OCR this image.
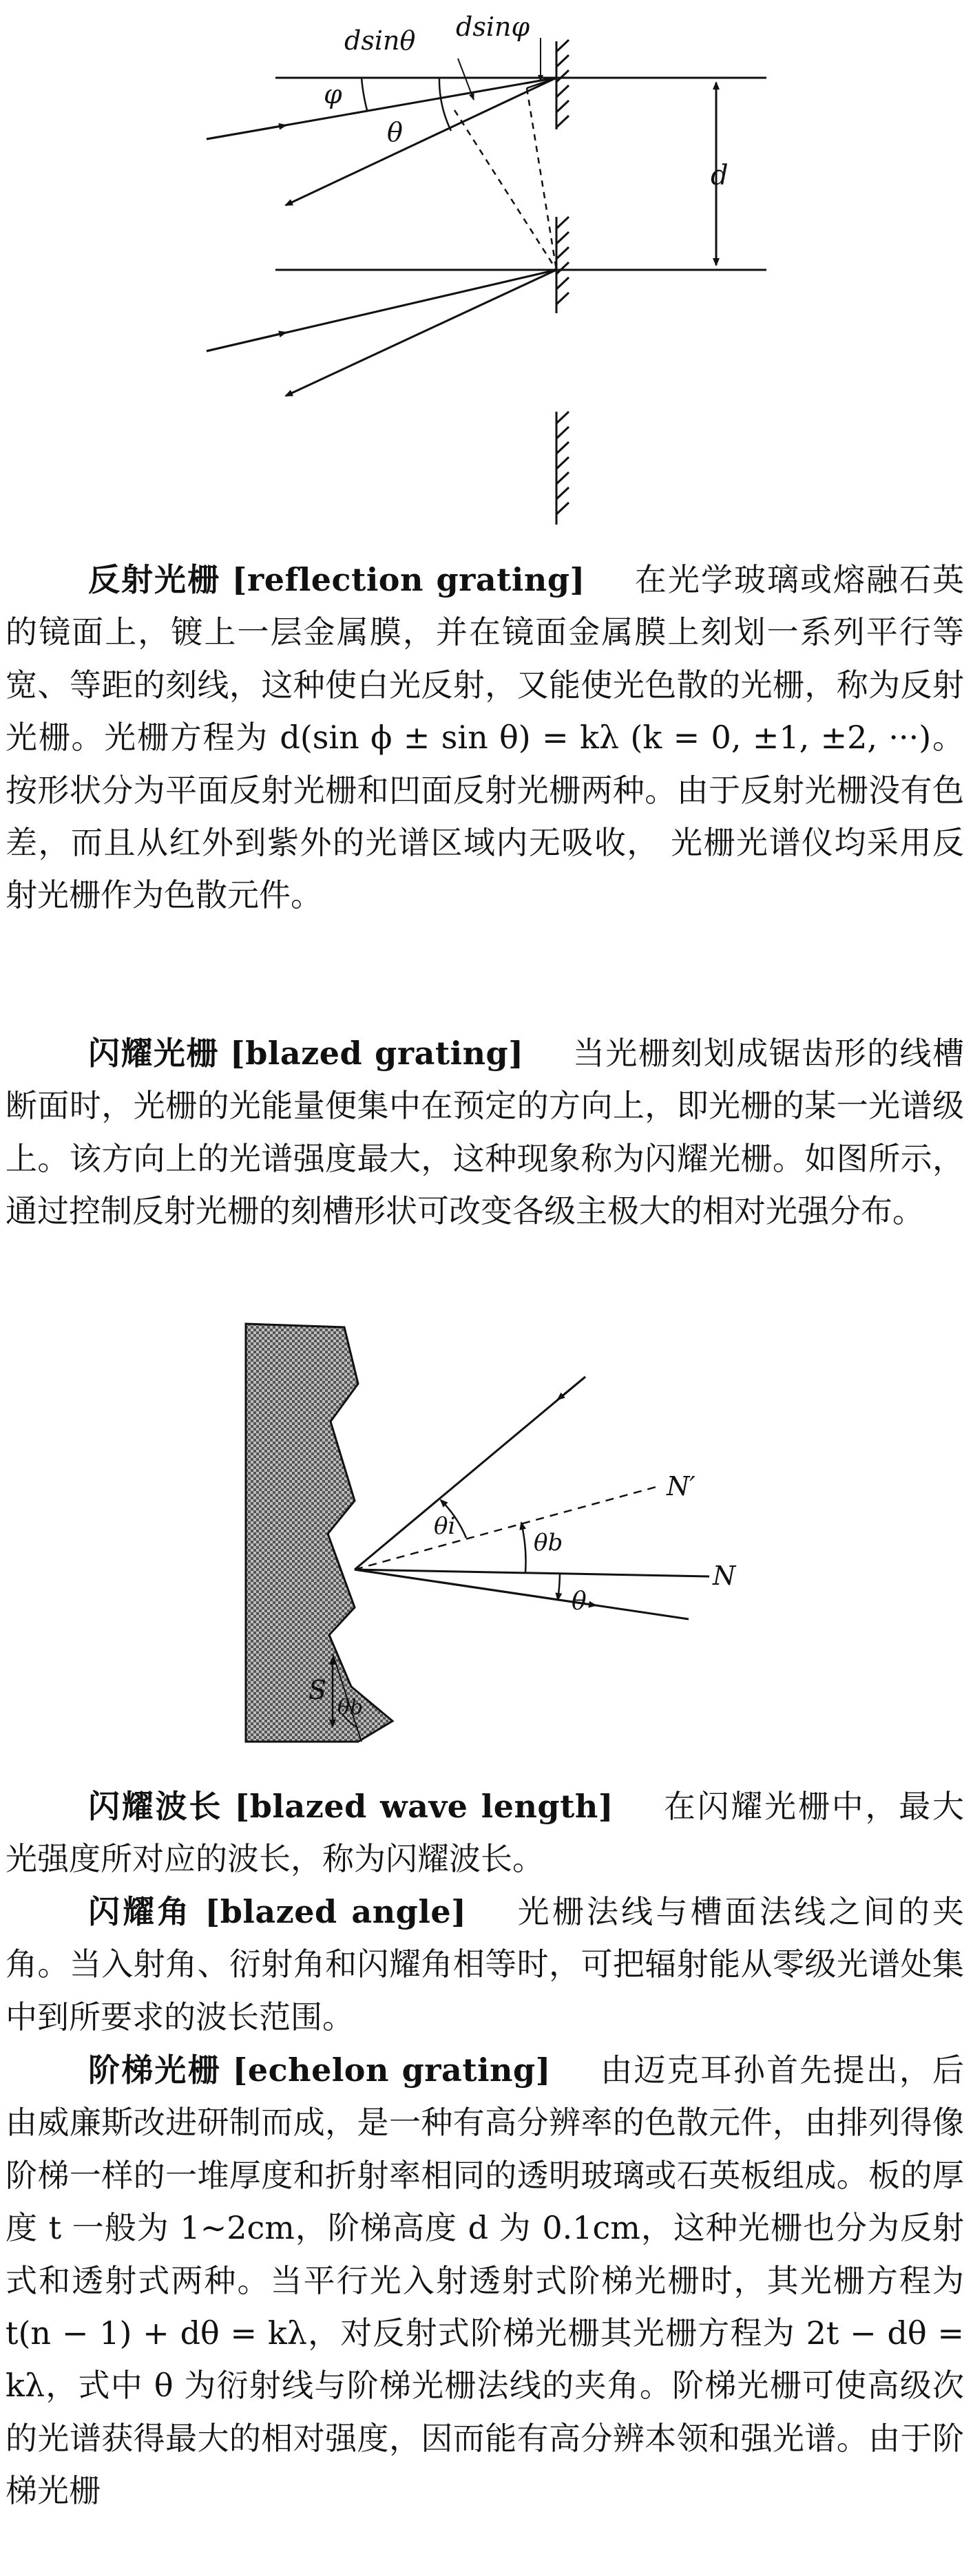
dsinθ dsinφ
φ
θ
d
反射光栅 [reflection grating] 在光学玻璃或熔融石英的镜面上，镀上一层金属膜，并在镜面金属膜上刻划一系列平行等宽、等距的刻线，这种使白光反射，又能使光色散的光栅，称为反射光栅。光栅方程为 d(sin ϕ ± sin θ) = kλ (k = 0, ±1, ±2, ···)。按形状分为平面反射光栅和凹面反射光栅两种。由于反射光栅没有色差，而且从红外到紫外的光谱区域内无吸收， 光栅光谱仪均采用反射光栅作为色散元件。
闪耀光栅 [blazed grating] 当光栅刻划成锯齿形的线槽断面时，光栅的光能量便集中在预定的方向上，即光栅的某一光谱级上。该方向上的光谱强度最大，这种现象称为闪耀光栅。如图所示，通过控制反射光栅的刻槽形状可改变各级主极大的相对光强分布。
θi
θb
θ
N′
N
S
θb
闪耀波长 [blazed wave length] 在闪耀光栅中，最大光强度所对应的波长，称为闪耀波长。
闪耀角 [blazed angle] 光栅法线与槽面法线之间的夹角。当入射角、衍射角和闪耀角相等时，可把辐射能从零级光谱处集中到所要求的波长范围。
阶梯光栅 [echelon grating] 由迈克耳孙首先提出，后由威廉斯改进研制而成，是一种有高分辨率的色散元件，由排列得像阶梯一样的一堆厚度和折射率相同的透明玻璃或石英板组成。板的厚度 t 一般为 1∼2cm，阶梯高度 d 为 0.1cm，这种光栅也分为反射式和透射式两种。当平行光入射透射式阶梯光栅时，其光栅方程为 t(n − 1) + dθ = kλ，对反射式阶梯光栅其光栅方程为 2t − dθ = kλ，式中 θ 为衍射线与阶梯光栅法线的夹角。阶梯光栅可使高级次的光谱获得最大的相对强度，因而能有高分辨本领和强光谱。由于阶梯光栅
